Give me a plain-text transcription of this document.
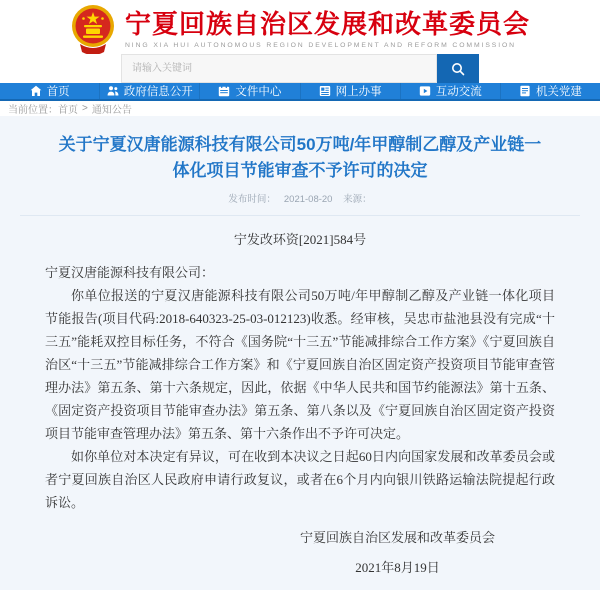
宁夏回族自治区发展和改革委员会
NING XIA HUI AUTONOMOUS REGION DEVELOPMENT AND REFORM COMMISSION
请输入关键词
首页	政府信息公开	文件中心	网上办事	互动交流	机关党建
当前位置： 首页 > 通知公告
关于宁夏汉唐能源科技有限公司50万吨/年甲醇制乙醇及产业链一体化项目节能审查不予许可的决定
发布时间： 2021-08-20 来源：
宁发改环资[2021]584号

宁夏汉唐能源科技有限公司：

你单位报送的宁夏汉唐能源科技有限公司50万吨/年甲醇制乙醇及产业链一体化项目节能报告(项目代码:2018-640323-25-03-012123)收悉。经审核，吴忠市盐池县没有完成“十三五”能耗双控目标任务，不符合《国务院“十三五”节能减排综合工作方案》《宁夏回族自治区“十三五”节能减排综合工作方案》和《宁夏回族自治区固定资产投资项目节能审查管理办法》第五条、第十六条规定，因此，依据《中华人民共和国节约能源法》第十五条、《固定资产投资项目节能审查办法》第五条、第八条以及《宁夏回族自治区固定资产投资项目节能审查管理办法》第五条、第十六条作出不予许可决定。

如你单位对本决定有异议，可在收到本决议之日起60日内向国家发展和改革委员会或者宁夏回族自治区人民政府申请行政复议，或者在6个月内向银川铁路运输法院提起行政诉讼。

宁夏回族自治区发展和改革委员会
2021年8月19日
